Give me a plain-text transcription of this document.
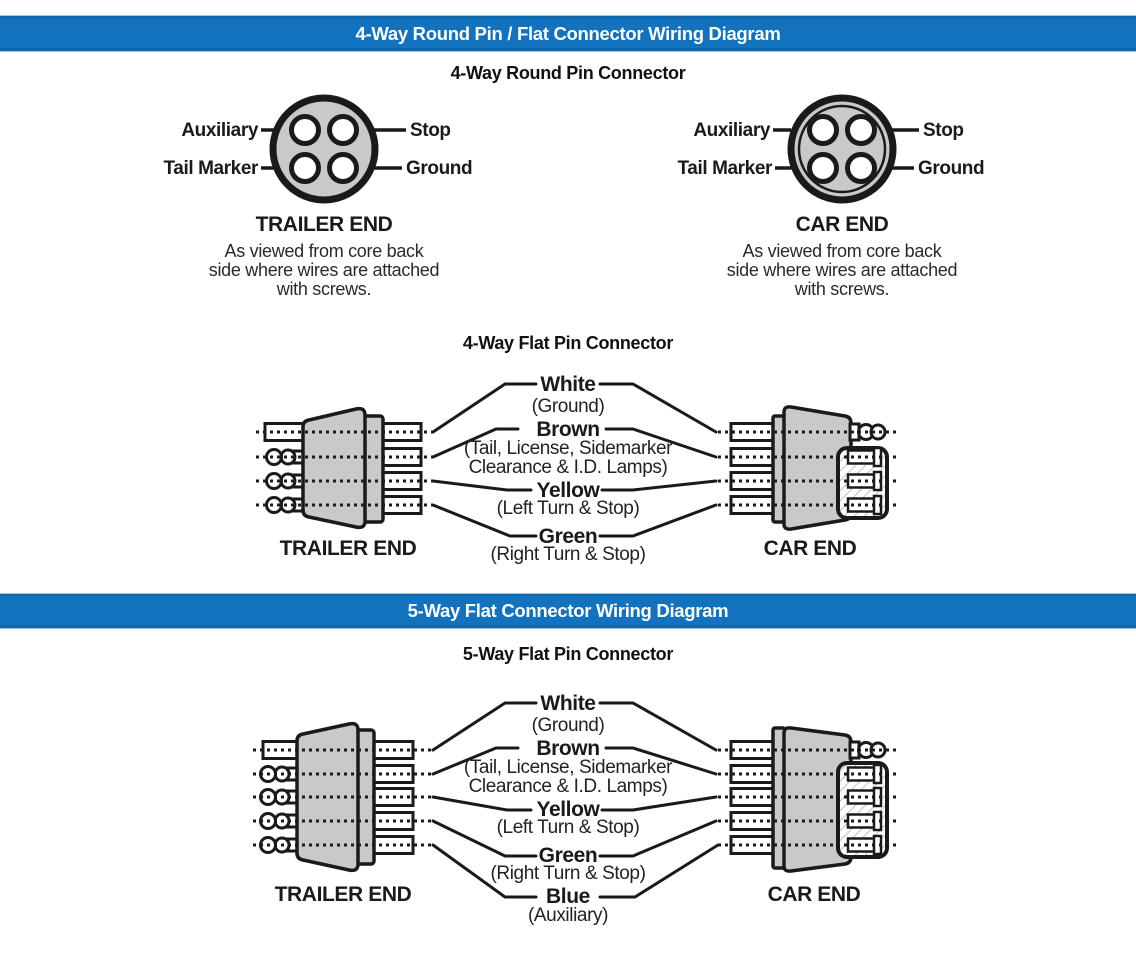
4-Way Round Pin / Flat Connector Wiring Diagram
4-Way Round Pin Connector
Auxiliary	Stop
Tail Marker	Ground
TRAILER END
As viewed from core back
side where wires are attached
with screws.
Auxiliary	Stop
Tail Marker	Ground
CAR END
As viewed from core back
side where wires are attached
with screws.
4-Way Flat Pin Connector
TRAILER END	CAR END
White
(Ground)
Brown
(Tail, License, Sidemarker
Clearance & I.D. Lamps)
Yellow
(Left Turn & Stop)
Green
(Right Turn & Stop)
5-Way Flat Connector Wiring Diagram
5-Way Flat Pin Connector
TRAILER END	CAR END
White
(Ground)
Brown
(Tail, License, Sidemarker
Clearance & I.D. Lamps)
Yellow
(Left Turn & Stop)
Green
(Right Turn & Stop)
Blue
(Auxiliary)
